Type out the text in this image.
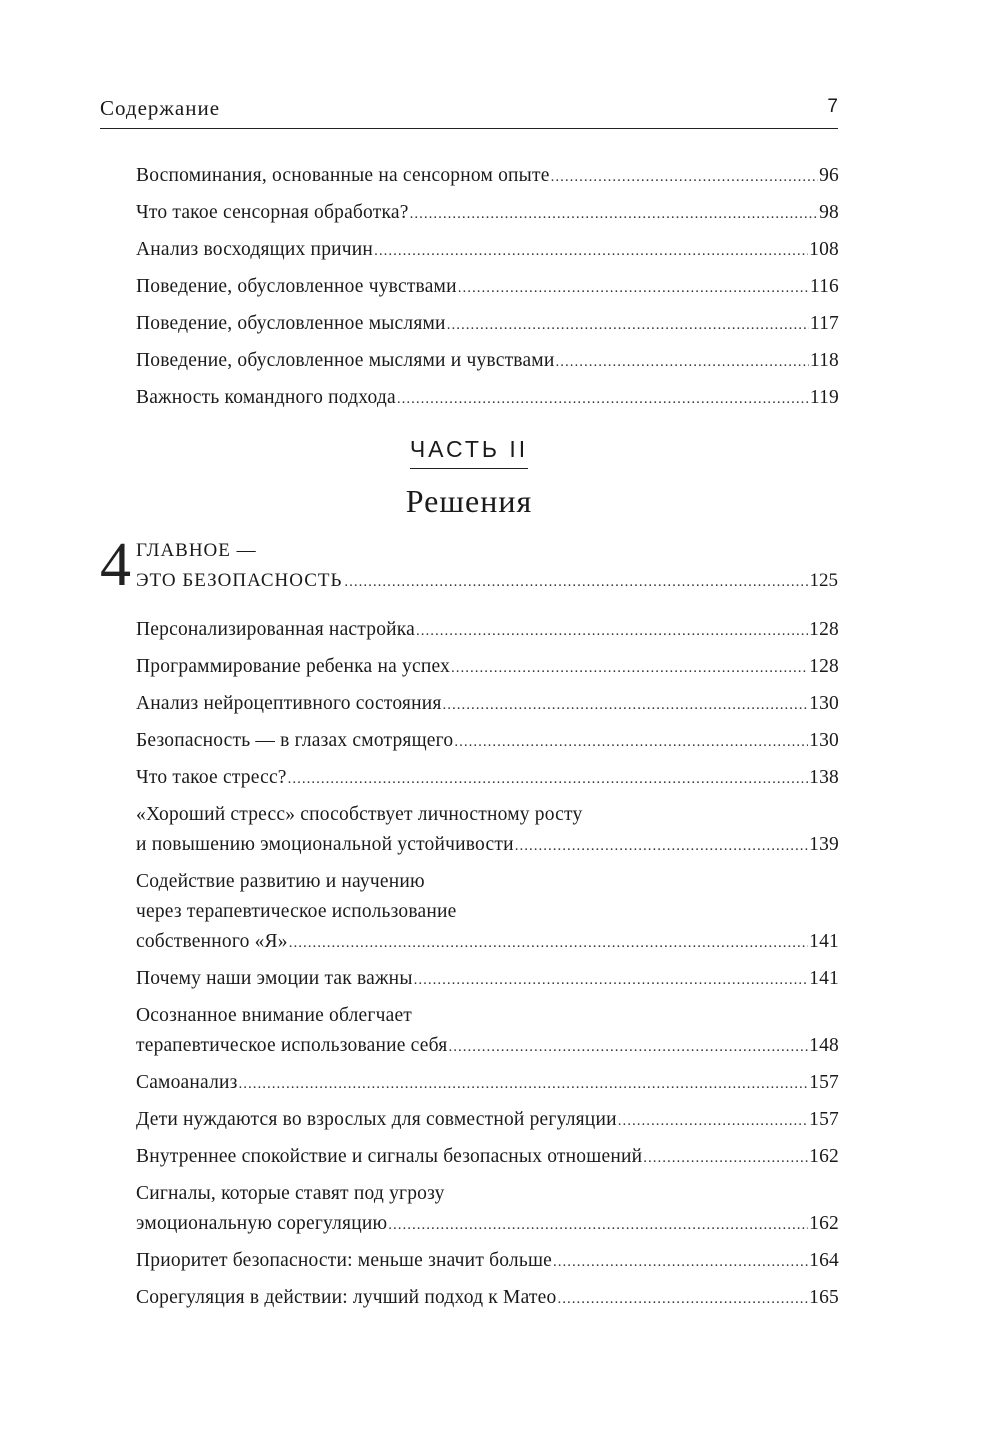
Содержание	7
Воспоминания, основанные на сенсорном опыте .....	96
Что такое сенсорная обработка? .....	98
Анализ восходящих причин .....	108
Поведение, обусловленное чувствами .....	116
Поведение, обусловленное мыслями .....	117
Поведение, обусловленное мыслями и чувствами .....	118
Важность командного подхода .....	119
ЧАСТЬ II
Решения
4 ГЛАВНОЕ —
ЭТО БЕЗОПАСНОСТЬ .....	125
Персонализированная настройка .....	128
Программирование ребенка на успех .....	128
Анализ нейроцептивного состояния .....	130
Безопасность — в глазах смотрящего .....	130
Что такое стресс? .....	138
«Хороший стресс» способствует личностному росту
и повышению эмоциональной устойчивости .....	139
Содействие развитию и научению
через терапевтическое использование
собственного «Я» .....	141
Почему наши эмоции так важны .....	141
Осознанное внимание облегчает
терапевтическое использование себя .....	148
Самоанализ .....	157
Дети нуждаются во взрослых для совместной регуляции .....	157
Внутреннее спокойствие и сигналы безопасных отношений .....	162
Сигналы, которые ставят под угрозу
эмоциональную сорегуляцию .....	162
Приоритет безопасности: меньше значит больше .....	164
Сорегуляция в действии: лучший подход к Матео .....	165
